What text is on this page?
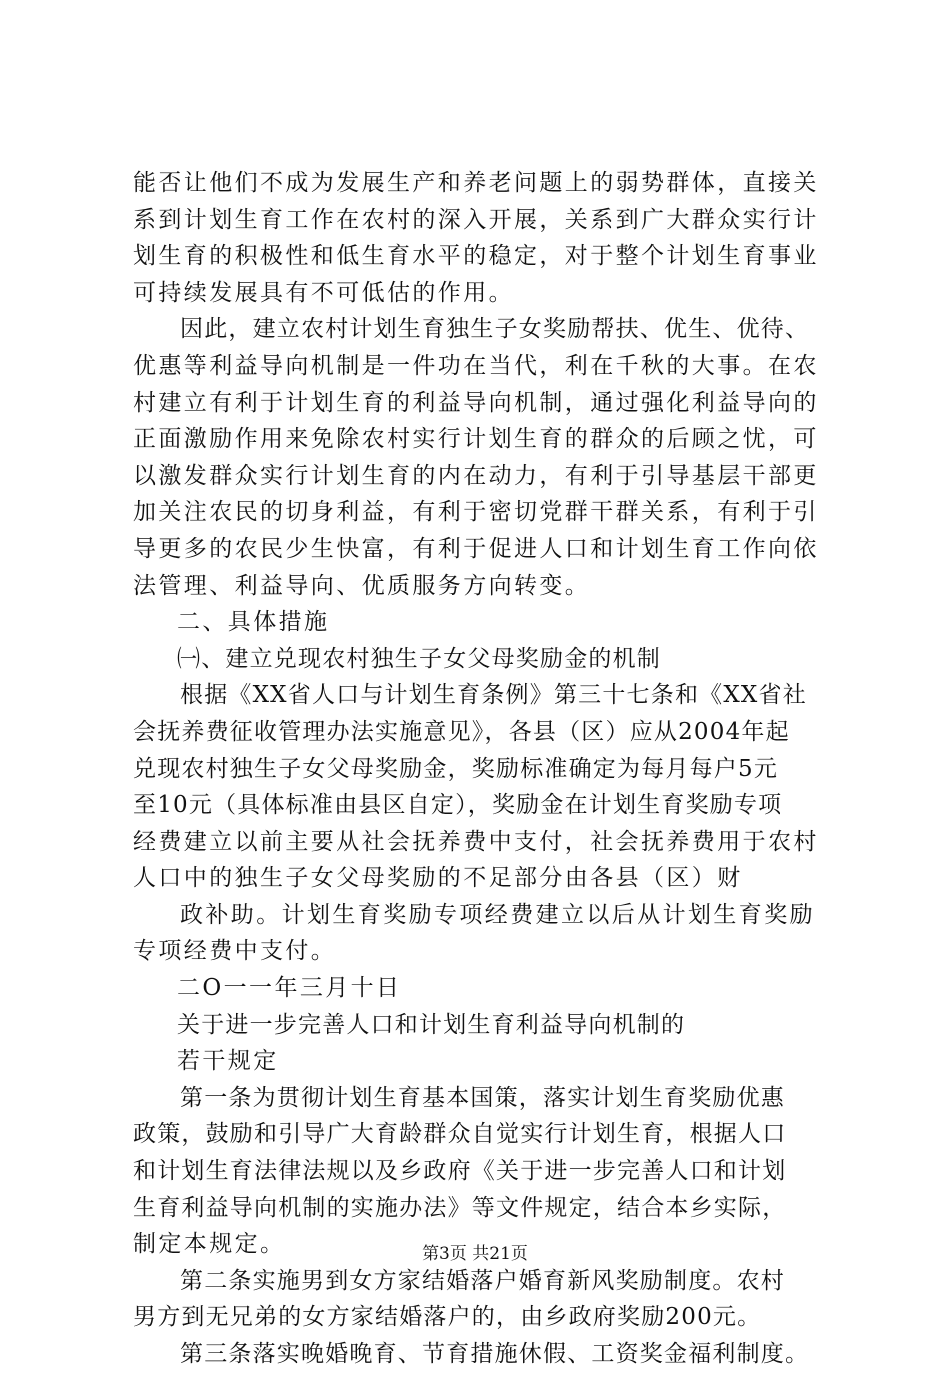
能否让他们不成为发展生产和养老问题上的弱势群体，直接关
系到计划生育工作在农村的深入开展，关系到广大群众实行计
划生育的积极性和低生育水平的稳定，对于整个计划生育事业
可持续发展具有不可低估的作用。
因此，建立农村计划生育独生子女奖励帮扶、优生、优待、
优惠等利益导向机制是一件功在当代，利在千秋的大事。在农
村建立有利于计划生育的利益导向机制，通过强化利益导向的
正面激励作用来免除农村实行计划生育的群众的后顾之忧，可
以激发群众实行计划生育的内在动力，有利于引导基层干部更
加关注农民的切身利益，有利于密切党群干群关系，有利于引
导更多的农民少生快富，有利于促进人口和计划生育工作向依
法管理、利益导向、优质服务方向转变。
二、具体措施
㈠、建立兑现农村独生子女父母奖励金的机制
根据《XX省人口与计划生育条例》第三十七条和《XX省社
会抚养费征收管理办法实施意见》，各县（区）应从2004年起
兑现农村独生子女父母奖励金，奖励标准确定为每月每户5元
至10元（具体标准由县区自定），奖励金在计划生育奖励专项
经费建立以前主要从社会抚养费中支付，社会抚养费用于农村
人口中的独生子女父母奖励的不足部分由各县（区）财
政补助。计划生育奖励专项经费建立以后从计划生育奖励
专项经费中支付。
二O一一年三月十日
关于进一步完善人口和计划生育利益导向机制的
若干规定
第一条为贯彻计划生育基本国策，落实计划生育奖励优惠
政策，鼓励和引导广大育龄群众自觉实行计划生育，根据人口
和计划生育法律法规以及乡政府《关于进一步完善人口和计划
生育利益导向机制的实施办法》等文件规定，结合本乡实际，
制定本规定。
第二条实施男到女方家结婚落户婚育新风奖励制度。农村
男方到无兄弟的女方家结婚落户的，由乡政府奖励200元。
第三条落实晚婚晚育、节育措施休假、工资奖金福利制度。
第3页 共21页
